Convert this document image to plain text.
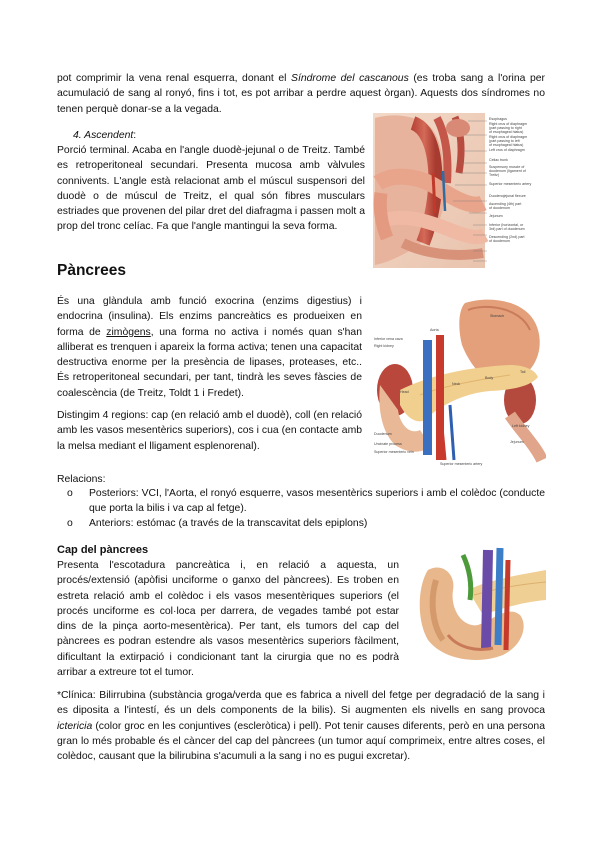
pot comprimir la vena renal esquerra, donant el Síndrome del cascanous (es troba sang a l'orina per acumulació de sang al ronyó, fins i tot, es pot arribar a perdre aquest òrgan). Aquests dos síndromes no tenen perquè donar-se a la vegada.
4. Ascendent:
Porció terminal. Acaba en l'angle duodè-jejunal o de Treitz. També es retroperitoneal secundari. Presenta mucosa amb vàlvules connivents. L'angle està relacionat amb el múscul suspensori del duodè o de múscul de Treitz, el qual són fibres musculars estriades que provenen del pilar dret del diafragma i passen molt a prop del tronc celíac. Fa que l'angle mantingui la seva forma.
Esophagus
Right crus of diaphragm
(part passing to right
of esophageal hiatus)
Right crus of diaphragm
(part passing to left
of esophageal hiatus)
Left crus of diaphragm
Celiac trunk
Suspensory muscle of
duodenum (ligament of
Treitz)
Superior mesenteric artery
Duodenojejunal flexure
Ascending (4th) part
of duodenum
Jejunum
Inferior (horizontal, or
3rd) part of duodenum
Descending (2nd) part
of duodenum
Pàncrees
És una glàndula amb funció exocrina (enzims digestius) i endocrina (insulina). Els enzims pancreàtics es produeixen en forma de zimògens, una forma no activa i només quan s'han alliberat es trenquen i apareix la forma activa; tenen una capacitat destructiva enorme per la presència de lipases, proteases, etc.. És retroperitoneal secundari, per tant, tindrà les seves fàscies de coalescència (de Treitz, Toldt 1 i Fredet).
Distingim 4 regions: cap (en relació amb el duodè), coll (en relació amb les vasos mesentèrics superiors), cos i cua (en contacte amb la melsa mediant el lligament esplenorenal).
Inferior vena cava
Right kidney
Aorta
Stomach
Tail
Body
Neck
Head
Duodenum
Uncinate process
Superior mesenteric vein
Superior mesenteric artery
Left kidney
Jejunum
Relacions:
o Posteriors: VCI, l'Aorta, el ronyó esquerre, vasos mesentèrics superiors i amb el colèdoc (conducte que porta la bilis i va cap al fetge).
o Anteriors: estómac (a través de la transcavitat dels epiplons)
Cap del pàncrees
Presenta l'escotadura pancreàtica i, en relació a aquesta, un procés/extensió (apòfisi unciforme o ganxo del pàncrees). Es troben en estreta relació amb el colèdoc i els vasos mesentèriques superiors (el procés unciforme es col·loca per darrera, de vegades també pot estar dins de la pinça aorto-mesentèrica). Per tant, els tumors del cap del pàncrees es podran estendre als vasos mesentèrics superiors fàcilment, dificultant la extirpació i condicionant tant la cirurgia que no es podrà arribar a extreure tot el tumor.
*Clínica: Bilirrubina (substància groga/verda que es fabrica a nivell del fetge per degradació de la sang i es diposita a l'intestí, és un dels components de la bilis). Si augmenten els nivells en sang provoca ictericia (color groc en les conjuntives (escleròtica) i pell). Pot tenir causes diferents, però en una persona gran lo més probable és el càncer del cap del pàncrees (un tumor aquí comprimeix, entre altres coses, el colèdoc, causant que la bilirubina s'acumuli a la sang i no es pugui excretar).
